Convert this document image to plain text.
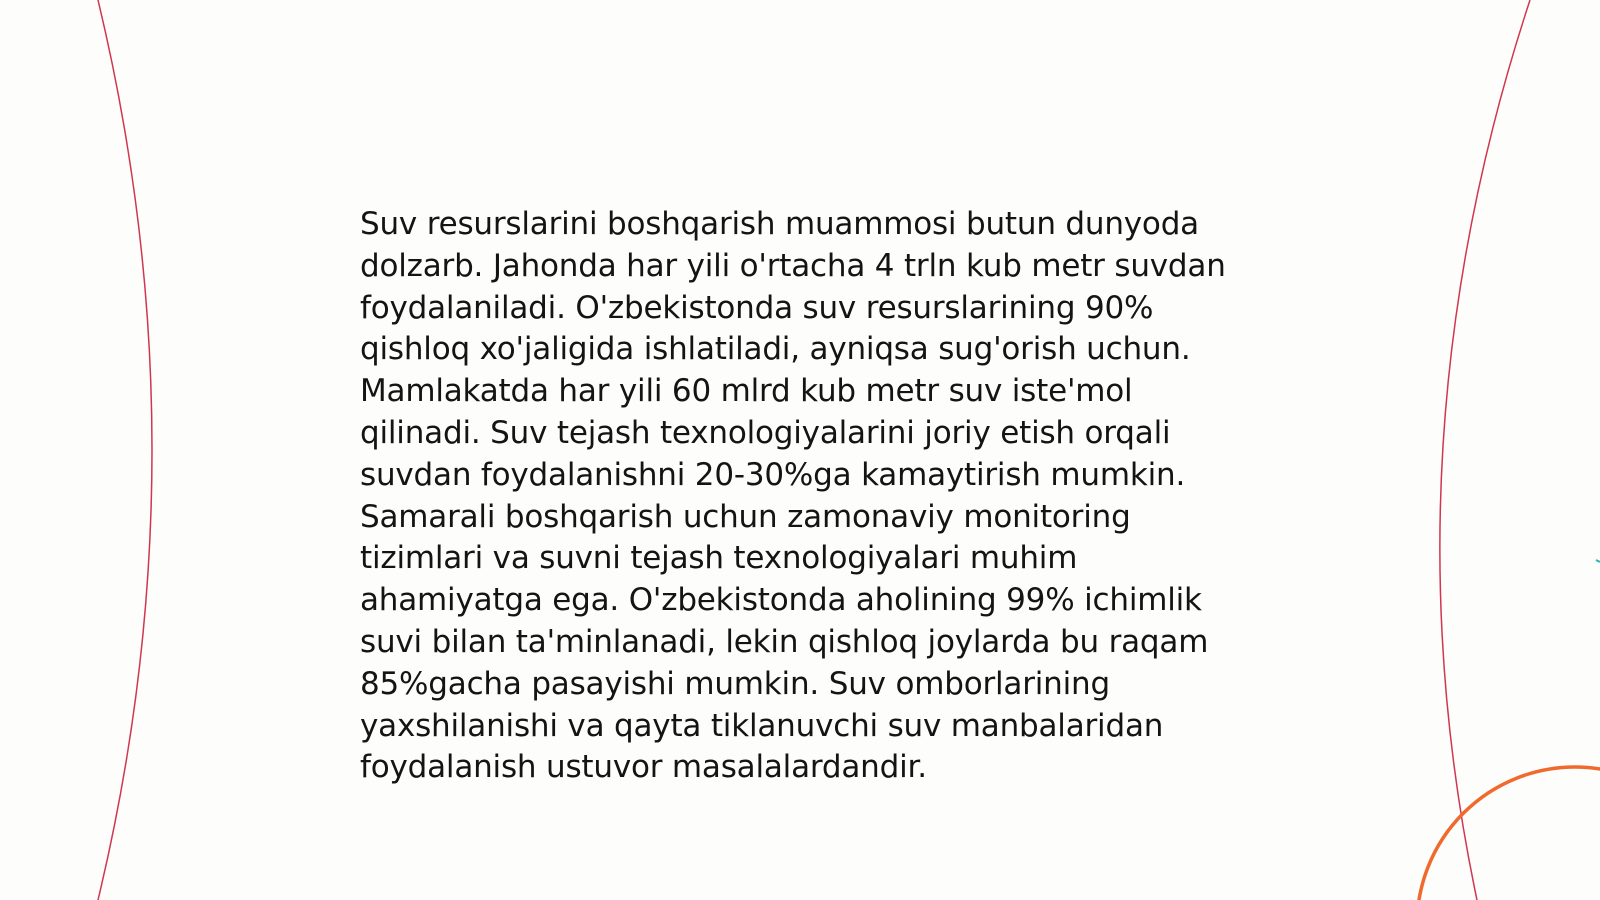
Suv resurslarini boshqarish muammosi butun dunyoda dolzarb. Jahonda har yili o'rtacha 4 trln kub metr suvdan foydalaniladi. O'zbekistonda suv resurslarining 90% qishloq xo'jaligida ishlatiladi, ayniqsa sug'orish uchun. Mamlakatda har yili 60 mlrd kub metr suv iste'mol qilinadi. Suv tejash texnologiyalarini joriy etish orqali suvdan foydalanishni 20-30%ga kamaytirish mumkin. Samarali boshqarish uchun zamonaviy monitoring tizimlari va suvni tejash texnologiyalari muhim ahamiyatga ega. O'zbekistonda aholining 99% ichimlik suvi bilan ta'minlanadi, lekin qishloq joylarda bu raqam 85%gacha pasayishi mumkin. Suv omborlarining yaxshilanishi va qayta tiklanuvchi suv manbalaridan foydalanish ustuvor masalalardandir.
